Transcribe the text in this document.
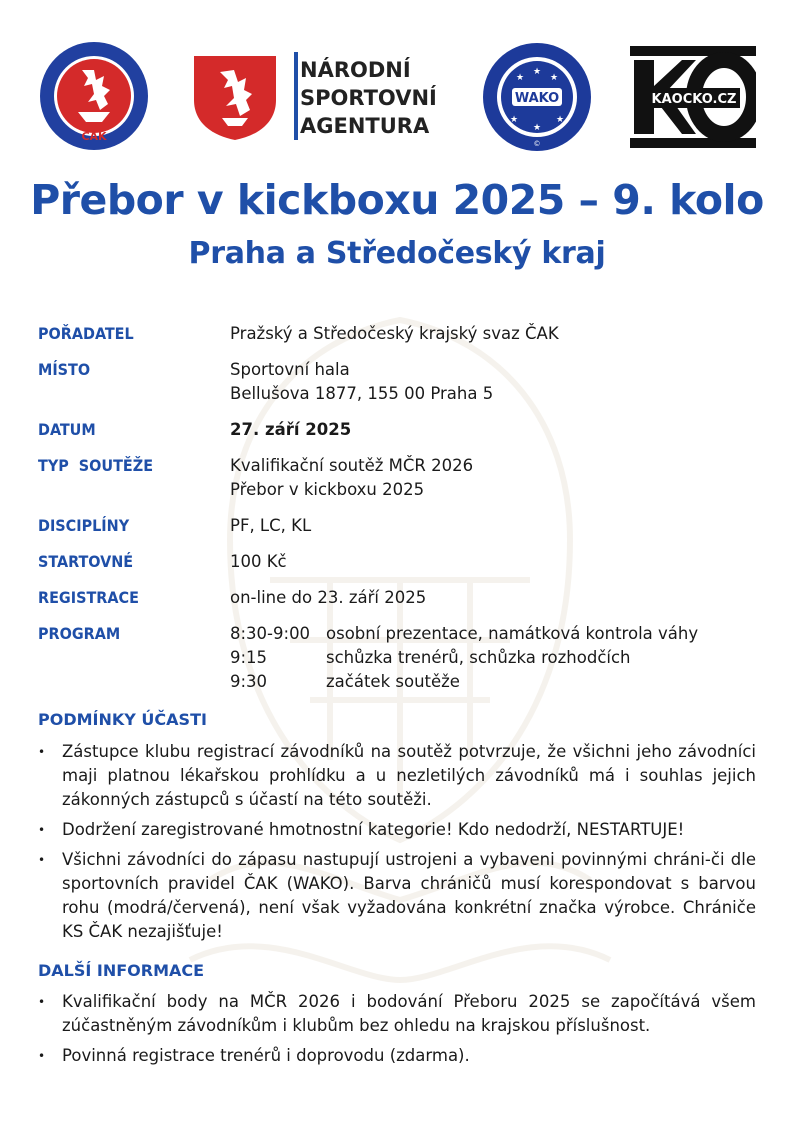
ČAK
NÁRODNÍ
SPORTOVNÍ
AGENTURA
★
★	★
★	★
★
WAKO
©
KAOCKO.CZ
Přebor v kickboxu 2025 – 9. kolo
Praha a Středočeský kraj
POŘADATEL	Pražský a Středočeský krajský svaz ČAK
MÍSTO	Sportovní hala
Bellušova 1877, 155 00 Praha 5
DATUM	27. září 2025
TYP  SOUTĚŽE	Kvalifikační soutěž MČR 2026
Přebor v kickboxu 2025
DISCIPLÍNY	PF, LC, KL
STARTOVNÉ	100 Kč
REGISTRACE	on-line do 23. září 2025
PROGRAM	8:30-9:00 osobní prezentace, namátková kontrola váhy
9:15	schůzka trenérů, schůzka rozhodčích
9:30	začátek soutěže
PODMÍNKY ÚČASTI
• Zástupce klubu registrací závodníků na soutěž potvrzuje, že všichni jeho závodníci maji platnou lékařskou prohlídku a u nezletilých závodníků má i souhlas jejich zákonných zástupců s účastí na této soutěži.
• Dodržení zaregistrované hmotnostní kategorie! Kdo nedodrží, NESTARTUJE!
• Všichni závodníci do zápasu nastupují ustrojeni a vybaveni povinnými chráni-či dle sportovních pravidel ČAK (WAKO). Barva chráničů musí korespondovat s barvou rohu (modrá/červená), není však vyžadována konkrétní značka výrobce. Chrániče KS ČAK nezajišťuje!
DALŠÍ INFORMACE
• Kvalifikační body na MČR 2026 i bodování Přeboru 2025 se započítává všem zúčastněným závodníkům i klubům bez ohledu na krajskou příslušnost.
• Povinná registrace trenérů i doprovodu (zdarma).
